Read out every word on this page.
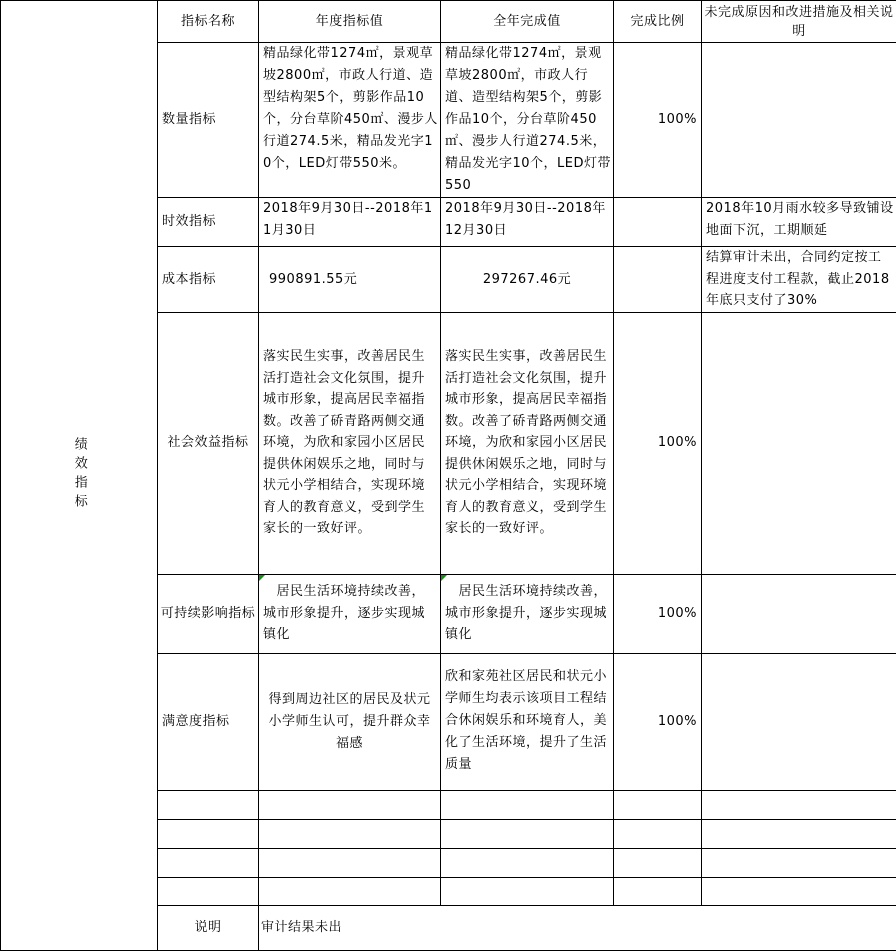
绩效指标	指标名称	年度指标值	全年完成值	完成比例	未完成原因和改进措施及相关说明
	数量指标	精品绿化带1274㎡，景观草坡2800㎡，市政人行道、造型结构架5个，剪影作品10个，分台草阶450㎡、漫步人行道274.5米，精品发光字10个，LED灯带550米。	精品绿化带1274㎡，景观草坡2800㎡，市政人行道、造型结构架5个，剪影作品10个，分台草阶450㎡、漫步人行道274.5米，精品发光字10个，LED灯带550	100%	
	时效指标	2018年9月30日--2018年11月30日	2018年9月30日--2018年12月30日		2018年10月雨水较多导致铺设地面下沉，工期顺延

	成本指标	990891.55元	297267.46元		结算审计未出，合同约定按工程进度支付工程款，截止2018年底只支付了30%

	社会效益指标	落实民生实事，改善居民生活打造社会文化氛围，提升城市形象，提高居民幸福指数。改善了硚青路两侧交通环境，为欣和家园小区居民提供休闲娱乐之地，同时与状元小学相结合，实现环境育人的教育意义，受到学生家长的一致好评。	落实民生实事，改善居民生活打造社会文化氛围，提升城市形象，提高居民幸福指数。改善了硚青路两侧交通环境，为欣和家园小区居民提供休闲娱乐之地，同时与状元小学相结合，实现环境育人的教育意义，受到学生家长的一致好评。	100%	
	可持续影响指标	　居民生活环境持续改善，城市形象提升，逐步实现城镇化	　居民生活环境持续改善，城市形象提升，逐步实现城镇化	100%	
	满意度指标	得到周边社区的居民及状元小学师生认可，提升群众幸福感	欣和家苑社区居民和状元小学师生均表示该项目工程结合休闲娱乐和环境育人，美化了生活环境，提升了生活质量	100%	

	说明	审计结果未出			
